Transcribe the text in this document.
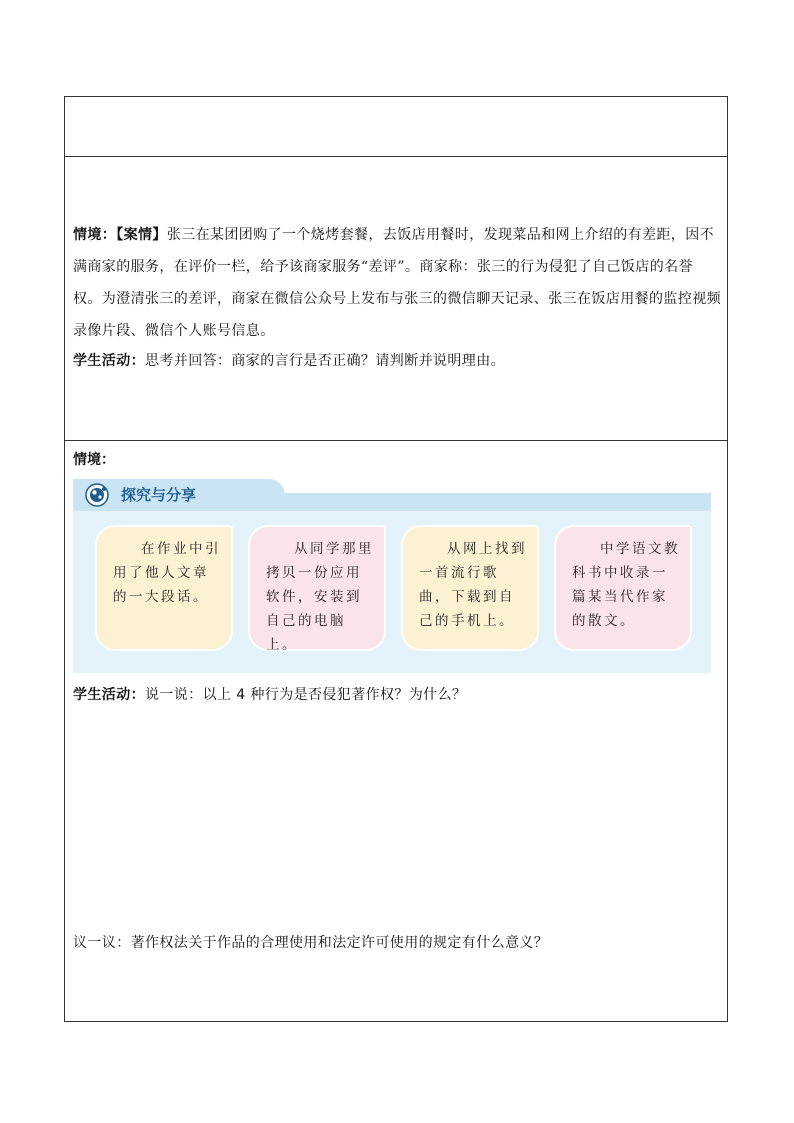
情境：【案情】张三在某团团购了一个烧烤套餐，去饭店用餐时，发现菜品和网上介绍的有差距，因不满商家的服务，在评价一栏，给予该商家服务“差评”。商家称：张三的行为侵犯了自己饭店的名誉权。为澄清张三的差评，商家在微信公众号上发布与张三的微信聊天记录、张三在饭店用餐的监控视频录像片段、微信个人账号信息。

学生活动：思考并回答：商家的言行是否正确？请判断并说明理由。

情境：
探究与分享
在作业中引用了他人文章的一大段话。
从同学那里拷贝一份应用软件，安装到自己的电脑上。
从网上找到一首流行歌曲，下载到自己的手机上。
中学语文教科书中收录一篇某当代作家的散文。

学生活动：说一说：以上 4 种行为是否侵犯著作权？为什么？

议一议：著作权法关于作品的合理使用和法定许可使用的规定有什么意义？
